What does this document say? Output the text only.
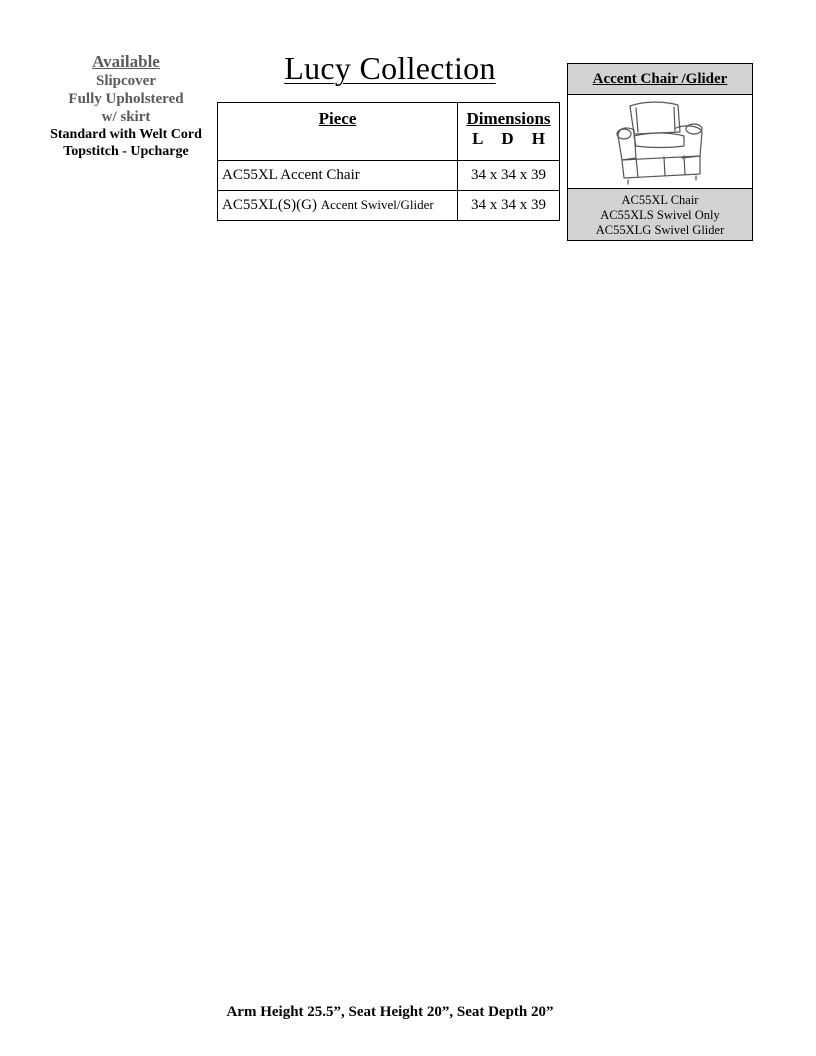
Available
Slipcover
Fully Upholstered
w/ skirt
Standard with Welt Cord
Topstitch - Upcharge
Lucy Collection
Piece	Dimensions
L D H

AC55XL Accent Chair	34 x 34 x 39
AC55XL(S)(G) Accent Swivel/Glider	34 x 34 x 39
Accent Chair /Glider
AC55XL Chair
AC55XLS Swivel Only
AC55XLG Swivel Glider
Arm Height 25.5”, Seat Height 20”, Seat Depth 20”
